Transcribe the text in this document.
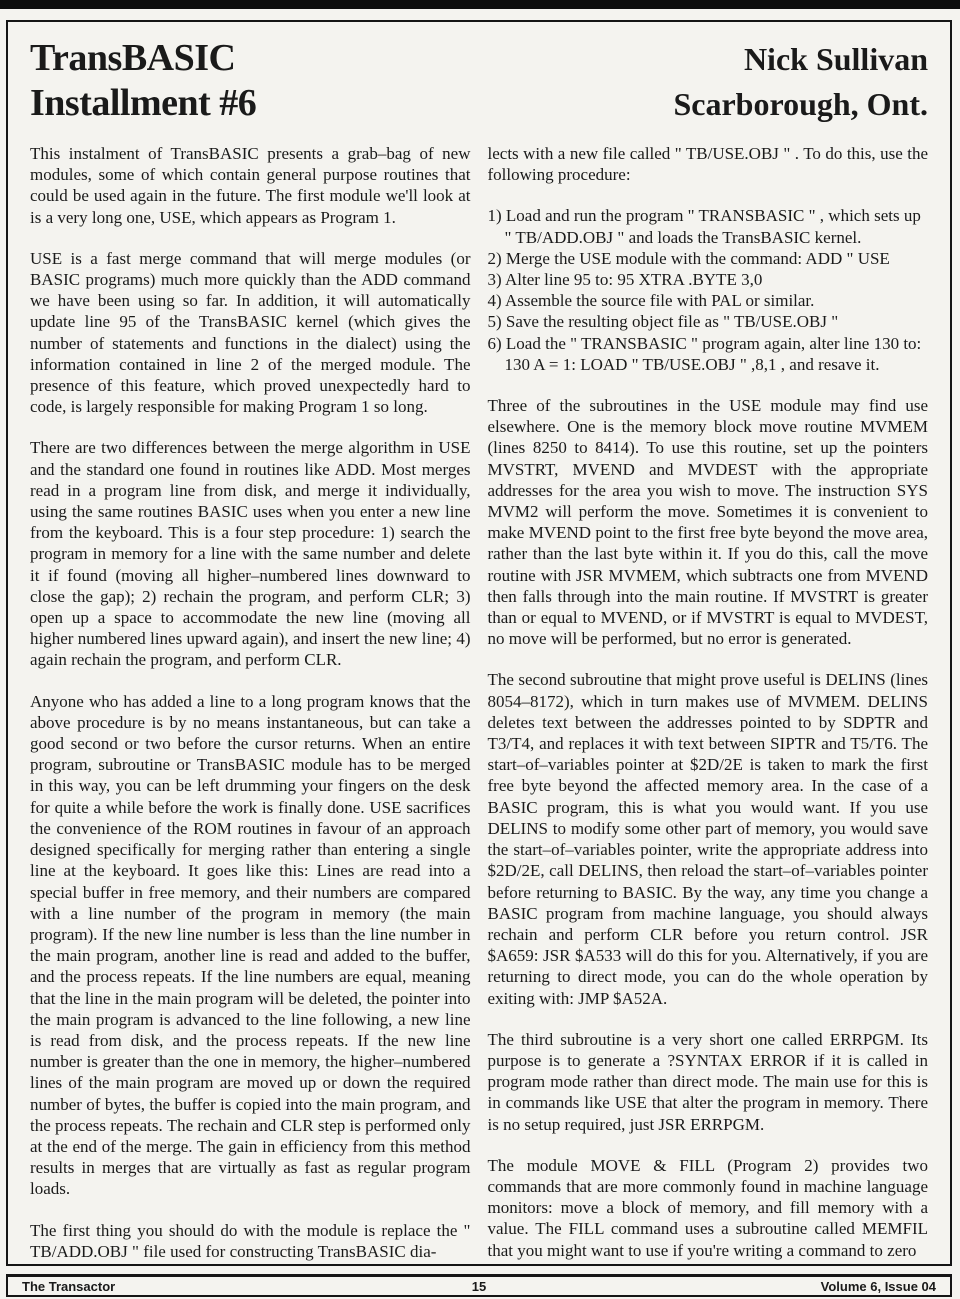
TransBASIC
Installment #6
Nick Sullivan
Scarborough, Ont.

This instalment of TransBASIC presents a grab–bag of new modules, some of which contain general purpose routines that could be used again in the future. The first module we'll look at is a very long one, USE, which appears as Program 1.

USE is a fast merge command that will merge modules (or BASIC programs) much more quickly than the ADD command we have been using so far. In addition, it will automatically update line 95 of the TransBASIC kernel (which gives the number of statements and functions in the dialect) using the information contained in line 2 of the merged module. The presence of this feature, which proved unexpectedly hard to code, is largely responsible for making Program 1 so long.

There are two differences between the merge algorithm in USE and the standard one found in routines like ADD. Most merges read in a program line from disk, and merge it individually, using the same routines BASIC uses when you enter a new line from the keyboard. This is a four step procedure: 1) search the program in memory for a line with the same number and delete it if found (moving all higher–numbered lines downward to close the gap); 2) rechain the program, and perform CLR; 3) open up a space to accommodate the new line (moving all higher numbered lines upward again), and insert the new line; 4) again rechain the program, and perform CLR.

Anyone who has added a line to a long program knows that the above procedure is by no means instantaneous, but can take a good second or two before the cursor returns. When an entire program, subroutine or TransBASIC module has to be merged in this way, you can be left drumming your fingers on the desk for quite a while before the work is finally done. USE sacrifices the convenience of the ROM routines in favour of an approach designed specifically for merging rather than entering a single line at the keyboard. It goes like this: Lines are read into a special buffer in free memory, and their numbers are compared with a line number of the program in memory (the main program). If the new line number is less than the line number in the main program, another line is read and added to the buffer, and the process repeats. If the line numbers are equal, meaning that the line in the main program will be deleted, the pointer into the main program is advanced to the line following, a new line is read from disk, and the process repeats. If the new line number is greater than the one in memory, the higher–numbered lines of the main program are moved up or down the required number of bytes, the buffer is copied into the main program, and the process repeats. The rechain and CLR step is performed only at the end of the merge. The gain in efficiency from this method results in merges that are virtually as fast as regular program loads.

The first thing you should do with the module is replace the " TB/ADD.OBJ " file used for constructing TransBASIC dia-

lects with a new file called " TB/USE.OBJ " . To do this, use the following procedure:

1) Load and run the program " TRANSBASIC " , which sets up " TB/ADD.OBJ " and loads the TransBASIC kernel.
2) Merge the USE module with the command: ADD " USE
3) Alter line 95 to: 95 XTRA .BYTE 3,0
4) Assemble the source file with PAL or similar.
5) Save the resulting object file as " TB/USE.OBJ "
6) Load the " TRANSBASIC " program again, alter line 130 to: 130 A = 1: LOAD " TB/USE.OBJ " ,8,1 , and resave it.

Three of the subroutines in the USE module may find use elsewhere. One is the memory block move routine MVMEM (lines 8250 to 8414). To use this routine, set up the pointers MVSTRT, MVEND and MVDEST with the appropriate addresses for the area you wish to move. The instruction SYS MVM2 will perform the move. Sometimes it is convenient to make MVEND point to the first free byte beyond the move area, rather than the last byte within it. If you do this, call the move routine with JSR MVMEM, which subtracts one from MVEND then falls through into the main routine. If MVSTRT is greater than or equal to MVEND, or if MVSTRT is equal to MVDEST, no move will be performed, but no error is generated.

The second subroutine that might prove useful is DELINS (lines 8054–8172), which in turn makes use of MVMEM. DELINS deletes text between the addresses pointed to by SDPTR and T3/T4, and replaces it with text between SIPTR and T5/T6. The start–of–variables pointer at $2D/2E is taken to mark the first free byte beyond the affected memory area. In the case of a BASIC program, this is what you would want. If you use DELINS to modify some other part of memory, you would save the start–of–variables pointer, write the appropriate address into $2D/2E, call DELINS, then reload the start–of–variables pointer before returning to BASIC. By the way, any time you change a BASIC program from machine language, you should always rechain and perform CLR before you return control. JSR $A659: JSR $A533 will do this for you. Alternatively, if you are returning to direct mode, you can do the whole operation by exiting with: JMP $A52A.

The third subroutine is a very short one called ERRPGM. Its purpose is to generate a ?SYNTAX ERROR if it is called in program mode rather than direct mode. The main use for this is in commands like USE that alter the program in memory. There is no setup required, just JSR ERRPGM.

The module MOVE & FILL (Program 2) provides two commands that are more commonly found in machine language monitors: move a block of memory, and fill memory with a value. The FILL command uses a subroutine called MEMFIL that you might want to use if you're writing a command to zero

The Transactor	15	Volume 6, Issue 04
